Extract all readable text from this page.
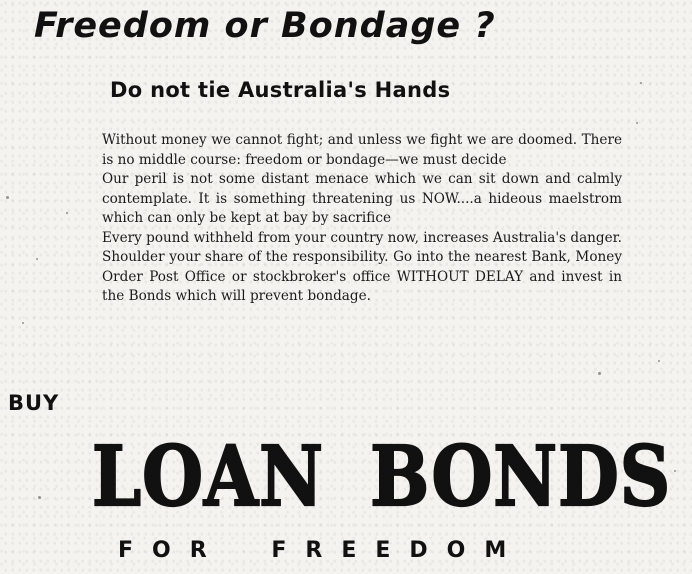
Freedom or Bondage ?
Do not tie Australia's Hands

Without money we cannot fight; and unless we fight we are doomed. There is no middle course: freedom or bondage—we must decide

Our peril is not some distant menace which we can sit down and calmly contemplate. It is something threatening us NOW....a hideous maelstrom which can only be kept at bay by sacrifice

Every pound withheld from your country now, increases Australia's danger. Shoulder your share of the responsibility. Go into the nearest Bank, Money Order Post Office or stockbroker's office WITHOUT DELAY and invest in the Bonds which will prevent bondage.

BUY
LOAN BONDS
FOR FREEDOM
